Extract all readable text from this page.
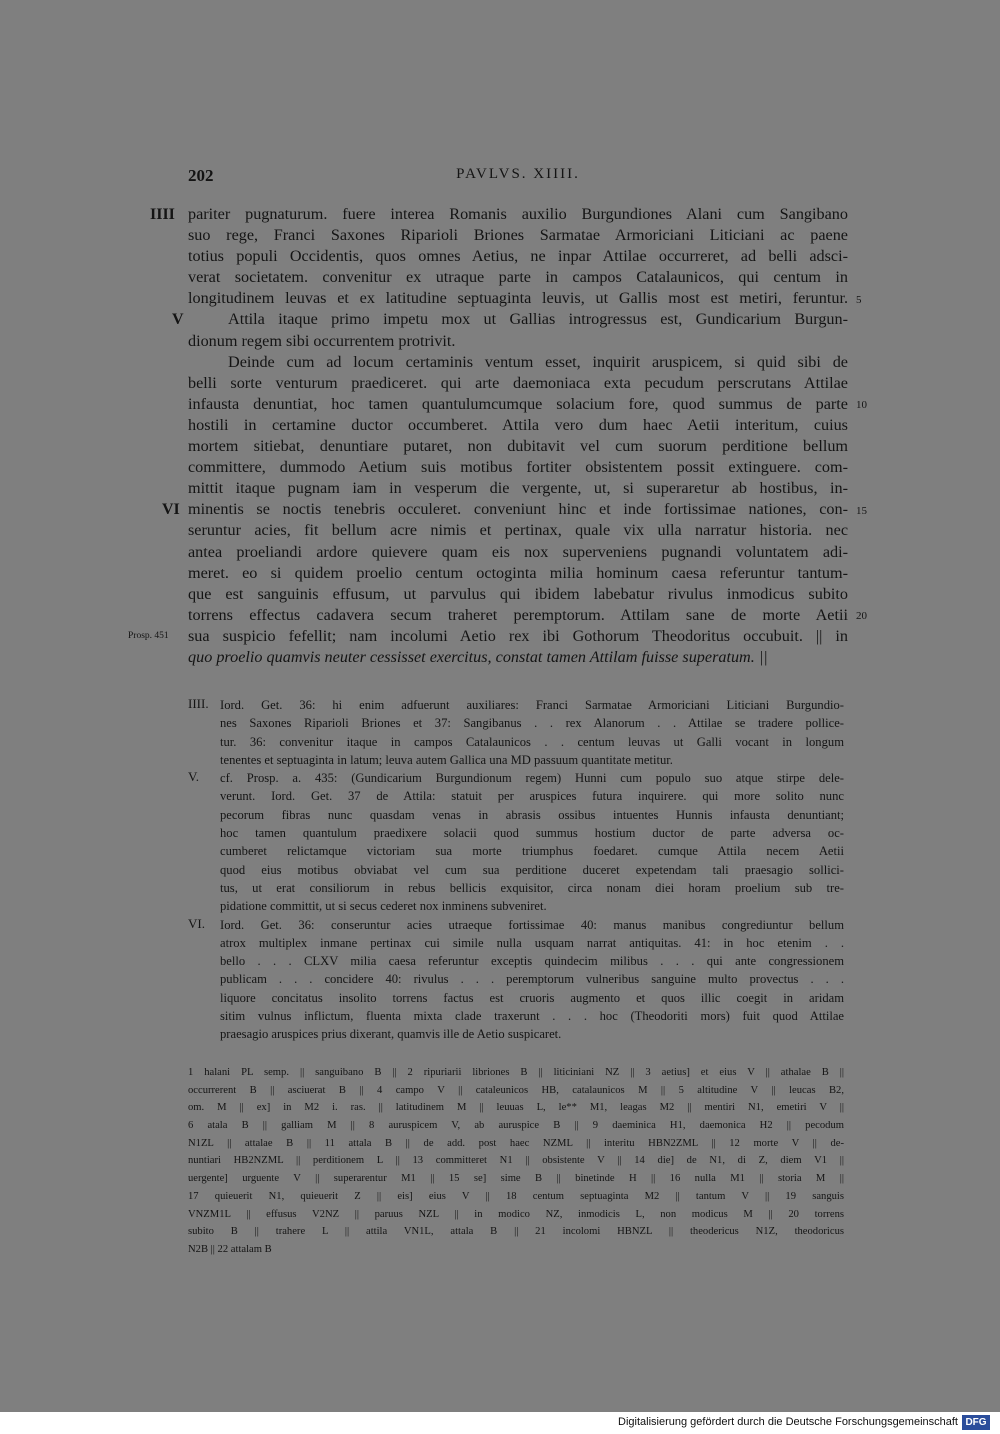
202	PAVLVS. XIIII.
IIII
V
VI
5
10
15
20
Prosp. 451
pariter pugnaturum. fuere interea Romanis auxilio Burgundiones Alani cum Sangibano
suo rege, Franci Saxones Riparioli Briones Sarmatae Armoriciani Liticiani ac paene
totius populi Occidentis, quos omnes Aetius, ne inpar Attilae occurreret, ad belli adsci-
verat societatem. convenitur ex utraque parte in campos Catalaunicos, qui centum in
longitudinem leuvas et ex latitudine septuaginta leuvis, ut Gallis most est metiri, feruntur.
Attila itaque primo impetu mox ut Gallias introgressus est, Gundicarium Burgun-
dionum regem sibi occurrentem protrivit.
Deinde cum ad locum certaminis ventum esset, inquirit aruspicem, si quid sibi de
belli sorte venturum praediceret. qui arte daemoniaca exta pecudum perscrutans Attilae
infausta denuntiat, hoc tamen quantulumcumque solacium fore, quod summus de parte
hostili in certamine ductor occumberet. Attila vero dum haec Aetii interitum, cuius
mortem sitiebat, denuntiare putaret, non dubitavit vel cum suorum perditione bellum
committere, dummodo Aetium suis motibus fortiter obsistentem possit extinguere. com-
mittit itaque pugnam iam in vesperum die vergente, ut, si superaretur ab hostibus, in-
minentis se noctis tenebris occuleret. conveniunt hinc et inde fortissimae nationes, con-
seruntur acies, fit bellum acre nimis et pertinax, quale vix ulla narratur historia. nec
antea proeliandi ardore quievere quam eis nox superveniens pugnandi voluntatem adi-
meret. eo si quidem proelio centum octoginta milia hominum caesa referuntur tantum-
que est sanguinis effusum, ut parvulus qui ibidem labebatur rivulus inmodicus subito
torrens effectus cadavera secum traheret peremptorum. Attilam sane de morte Aetii
sua suspicio fefellit; nam incolumi Aetio rex ibi Gothorum Theodoritus occubuit. || in
quo proelio quamvis neuter cessisset exercitus, constat tamen Attilam fuisse superatum. ||
IIII. Iord. Get. 36: hi enim adfuerunt auxiliares: Franci Sarmatae Armoriciani Liticiani Burgundio-
nes Saxones Riparioli Briones et 37: Sangibanus . . rex Alanorum . . Attilae se tradere pollice-
tur. 36: convenitur itaque in campos Catalaunicos . . centum leuvas ut Galli vocant in longum
tenentes et septuaginta in latum; leuva autem Gallica una MD passuum quantitate metitur.
V.	cf. Prosp. a. 435: (Gundicarium Burgundionum regem) Hunni cum populo suo atque stirpe dele-
verunt. Iord. Get. 37 de Attila: statuit per aruspices futura inquirere. qui more solito nunc
pecorum fibras nunc quasdam venas in abrasis ossibus intuentes Hunnis infausta denuntiant;
hoc tamen quantulum praedixere solacii quod summus hostium ductor de parte adversa oc-
cumberet relictamque victoriam sua morte triumphus foedaret. cumque Attila necem Aetii
quod eius motibus obviabat vel cum sua perditione duceret expetendam tali praesagio sollici-
tus, ut erat consiliorum in rebus bellicis exquisitor, circa nonam diei horam proelium sub tre-
pidatione committit, ut si secus cederet nox inminens subveniret.
VI.	Iord. Get. 36: conseruntur acies utraeque fortissimae 40: manus manibus congrediuntur bellum
atrox multiplex inmane pertinax cui simile nulla usquam narrat antiquitas. 41: in hoc etenim . .
bello . . . CLXV milia caesa referuntur exceptis quindecim milibus . . . qui ante congressionem
publicam . . . concidere 40: rivulus . . . peremptorum vulneribus sanguine multo provectus . . .
liquore concitatus insolito torrens factus est cruoris augmento et quos illic coegit in aridam
sitim vulnus inflictum, fluenta mixta clade traxerunt . . . hoc (Theodoriti mors) fuit quod Attilae
praesagio aruspices prius dixerant, quamvis ille de Aetio suspicaret.
1 halani PL semp. || sanguibano B || 2 ripuriarii libriones B || liticiniani NZ || 3 aetius] et eius V || athalae B ||
occurrerent B || asciuerat B || 4 campo V || cataleunicos HB, catalaunicos M || 5 altitudine V || leucas B2,
om. M || ex] in M2 i. ras. || latitudinem M || leuuas L, le** M1, leagas M2 || mentiri N1, emetiri V ||
6 atala B || galliam M || 8 auruspicem V, ab auruspice B || 9 daeminica H1, daemonica H2 || pecodum
N1ZL || attalae B || 11 attala B || de add. post haec NZML || interitu HBN2ZML || 12 morte V || de-
nuntiari HB2NZML || perditionem L || 13 committeret N1 || obsistente V || 14 die] de N1, di Z, diem V1 ||
uergente] urguente V || superarentur M1 || 15 se] sime B || binetinde H || 16 nulla M1 || storia M ||
17 quieuerit N1, quieuerit Z || eis] eius V || 18 centum septuaginta M2 || tantum V || 19 sanguis
VNZM1L || effusus V2NZ || paruus NZL || in modico NZ, inmodicis L, non modicus M || 20 torrens
subito B || trahere L || attila VN1L, attala B || 21 incolomi HBNZL || theodericus N1Z, theodoricus
N2B || 22 attalam B
Digitalisierung gefördert durch die Deutsche Forschungsgemeinschaft DFG
